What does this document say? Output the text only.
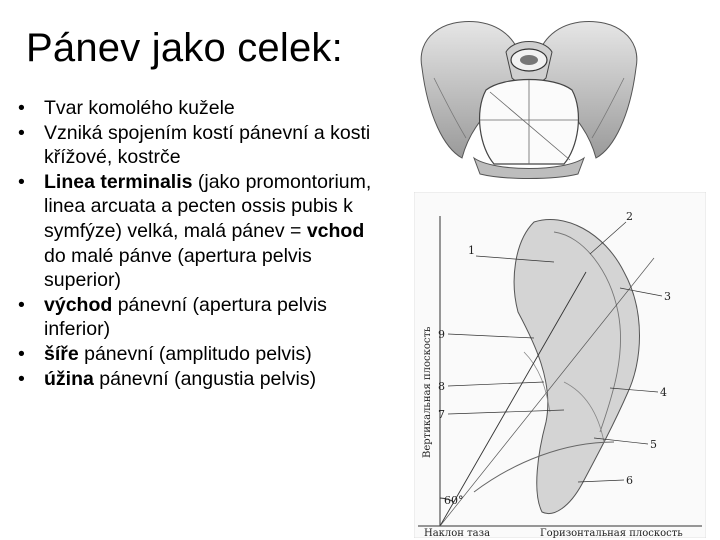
Pánev jako celek:
• Tvar komolého kužele
• Vzniká spojením kostí pánevní a kosti křížové, kostrče
• Linea terminalis (jako promontorium, linea arcuata a pecten ossis pubis k symfýze) velká, malá pánev = vchod do malé pánve (apertura pelvis superior)
• východ pánevní (apertura pelvis inferior)
• šíře pánevní (amplitudo pelvis)
• úžina pánevní (angustia pelvis)
1
2
3
4
5
6
7
8
9
60°
Наклон таза	Горизонтальная плоскость
Вертикальная плоскость
